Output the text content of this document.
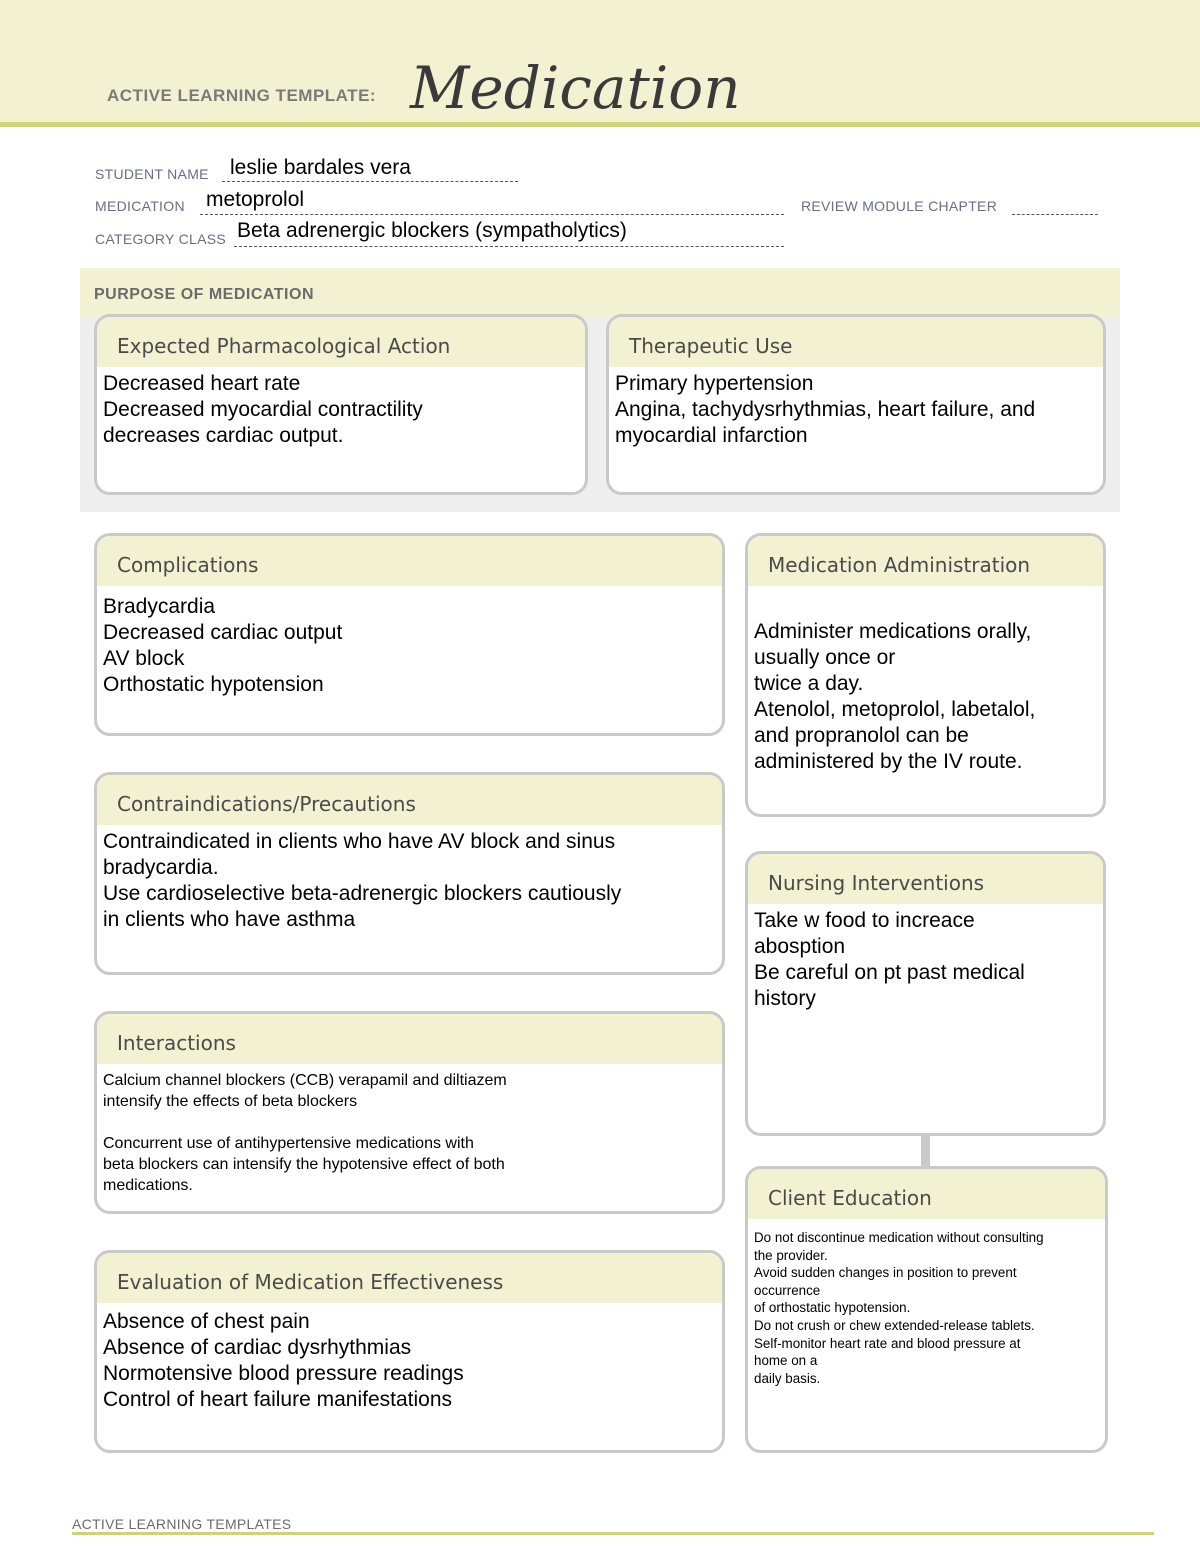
ACTIVE LEARNING TEMPLATE: Medication
STUDENT NAME leslie bardales vera
MEDICATION metoprolol	REVIEW MODULE CHAPTER
CATEGORY CLASS Beta adrenergic blockers (sympatholytics)
PURPOSE OF MEDICATION
Expected Pharmacological Action
Decreased heart rate
Decreased myocardial contractility
decreases cardiac output.
Therapeutic Use
Primary hypertension
Angina, tachydysrhythmias, heart failure, and
myocardial infarction
Complications
Bradycardia
Decreased cardiac output
AV block
Orthostatic hypotension
Contraindications/Precautions
Contraindicated in clients who have AV block and sinus
bradycardia.
Use cardioselective beta-adrenergic blockers cautiously
in clients who have asthma
Interactions
Calcium channel blockers (CCB) verapamil and diltiazem
intensify the effects of beta blockers

Concurrent use of antihypertensive medications with
beta blockers can intensify the hypotensive effect of both
medications.
Evaluation of Medication Effectiveness
Absence of chest pain
Absence of cardiac dysrhythmias
Normotensive blood pressure readings
Control of heart failure manifestations
Medication Administration
Administer medications orally,
usually once or
twice a day.
Atenolol, metoprolol, labetalol,
and propranolol can be
administered by the IV route.
Nursing Interventions
Take w food to increace
abosption
Be careful on pt past medical
history
Client Education
Do not discontinue medication without consulting
the provider.
Avoid sudden changes in position to prevent
occurrence
of orthostatic hypotension.
Do not crush or chew extended-release tablets.
Self-monitor heart rate and blood pressure at
home on a
daily basis.
ACTIVE LEARNING TEMPLATES
